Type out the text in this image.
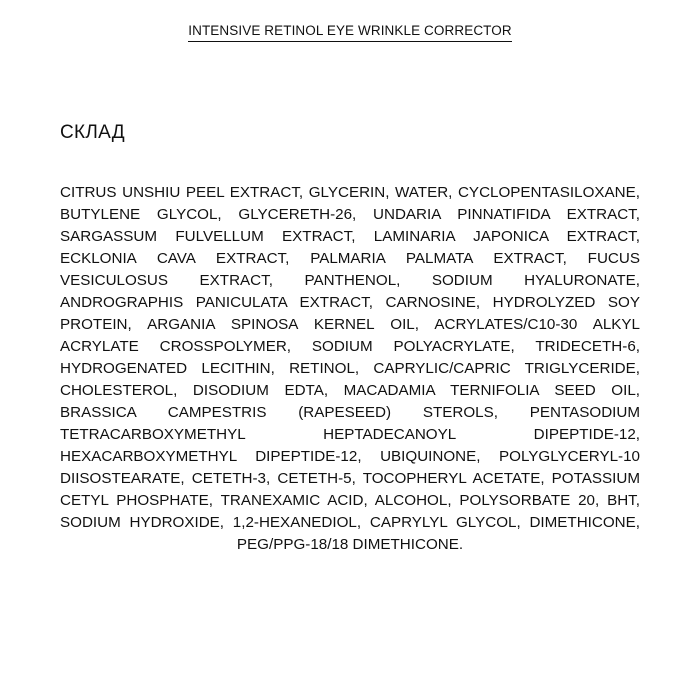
INTENSIVE RETINOL EYE WRINKLE CORRECTOR
СКЛАД

CITRUS UNSHIU PEEL EXTRACT, GLYCERIN, WATER, CYCLOPENTASILOXANE, BUTYLENE GLYCOL, GLYCERETH-26, UNDARIA PINNATIFIDA EXTRACT, SARGASSUM FULVELLUM EXTRACT, LAMINARIA JAPONICA EXTRACT, ECKLONIA CAVA EXTRACT, PALMARIA PALMATA EXTRACT, FUCUS VESICULOSUS EXTRACT, PANTHENOL, SODIUM HYALURONATE, ANDROGRAPHIS PANICULATA EXTRACT, CARNOSINE, HYDROLYZED SOY PROTEIN, ARGANIA SPINOSA KERNEL OIL, ACRYLATES/C10-30 ALKYL ACRYLATE CROSSPOLYMER, SODIUM POLYACRYLATE, TRIDECETH-6, HYDROGENATED LECITHIN, RETINOL, CAPRYLIC/CAPRIC TRIGLYCERIDE, CHOLESTEROL, DISODIUM EDTA, MACADAMIA TERNIFOLIA SEED OIL, BRASSICA CAMPESTRIS (RAPESEED) STEROLS, PENTASODIUM TETRACARBOXYMETHYL HEPTADECANOYL DIPEPTIDE-12, HEXACARBOXYMETHYL DIPEPTIDE-12, UBIQUINONE, POLYGLYCERYL-10 DIISOSTEARATE, CETETH-3, CETETH-5, TOCOPHERYL ACETATE, POTASSIUM CETYL PHOSPHATE, TRANEXAMIC ACID, ALCOHOL, POLYSORBATE 20, BHT, SODIUM HYDROXIDE, 1,2-HEXANEDIOL, CAPRYLYL GLYCOL, DIMETHICONE, PEG/PPG-18/18 DIMETHICONE.
